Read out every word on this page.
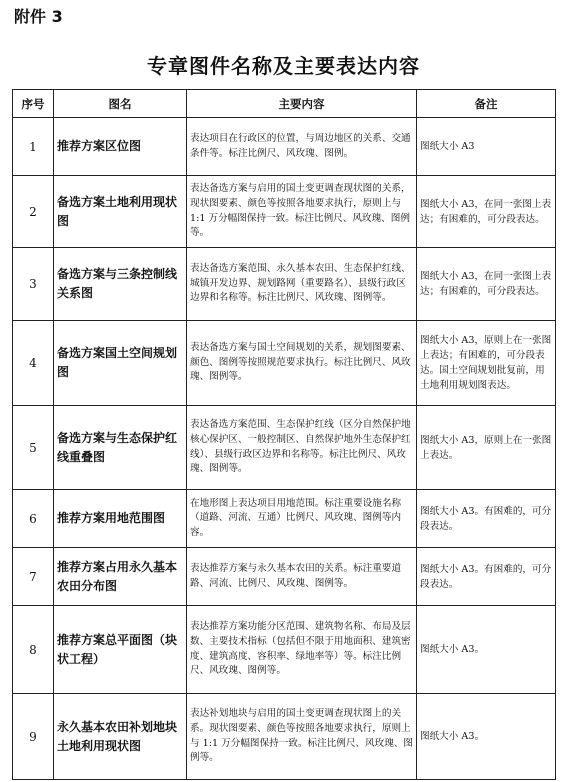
附件 3
专章图件名称及主要表达内容
序号	图名	主要内容	备注
1	推荐方案区位图	表达项目在行政区的位置，与周边地区的关系、交通条件等。标注比例尺、风玫瑰、图例。	图纸大小 A3
2	备选方案土地利用现状图	表达备选方案与启用的国土变更调查现状图的关系，现状图要素、颜色等按照各地要求执行，原则上与 1:1 万分幅图保持一致。标注比例尺、风玫瑰、图例等。	图纸大小 A3，在同一张图上表达；有困难的，可分段表达。
3	备选方案与三条控制线关系图	表达备选方案范围、永久基本农田、生态保护红线、城镇开发边界、规划路网（重要路名）、县级行政区边界和名称等。标注比例尺、风玫瑰、图例等。	图纸大小 A3，在同一张图上表达；有困难的，可分段表达。
4	备选方案国土空间规划图	表达备选方案与国土空间规划的关系，规划图要素、颜色、图例等按照规范要求执行。标注比例尺、风玫瑰、图例等。	图纸大小 A3，原则上在一张图上表达；有困难的，可分段表达。国土空间规划批复前，用土地利用规划图表达。
5	备选方案与生态保护红线重叠图	表达备选方案范围、生态保护红线（区分自然保护地核心保护区、一般控制区、自然保护地外生态保护红线）、县级行政区边界和名称等。标注比例尺、风玫瑰、图例等。	图纸大小 A3，原则上在一张图上表达。
6	推荐方案用地范围图	在地形图上表达项目用地范围。标注重要设施名称（道路、河流、互通）比例尺、风玫瑰、图例等内容。	图纸大小 A3。有困难的，可分段表达。
7	推荐方案占用永久基本农田分布图	表达推荐方案与永久基本农田的关系。标注重要道路、河流、比例尺、风玫瑰、图例等。	图纸大小 A3。有困难的，可分段表达。
8	推荐方案总平面图（块状工程）	表达推荐方案功能分区范围、建筑物名称、布局及层数、主要技术指标（包括但不限于用地面积、建筑密度、建筑高度、容积率、绿地率等）等。标注比例尺、风玫瑰、图例等。	图纸大小 A3。
9	永久基本农田补划地块土地利用现状图	表达补划地块与启用的国土变更调查现状图上的关系。现状图要素、颜色等按照各地要求执行，原则上与 1:1 万分幅图保持一致。标注比例尺、风玫瑰、图例等。	图纸大小 A3。
